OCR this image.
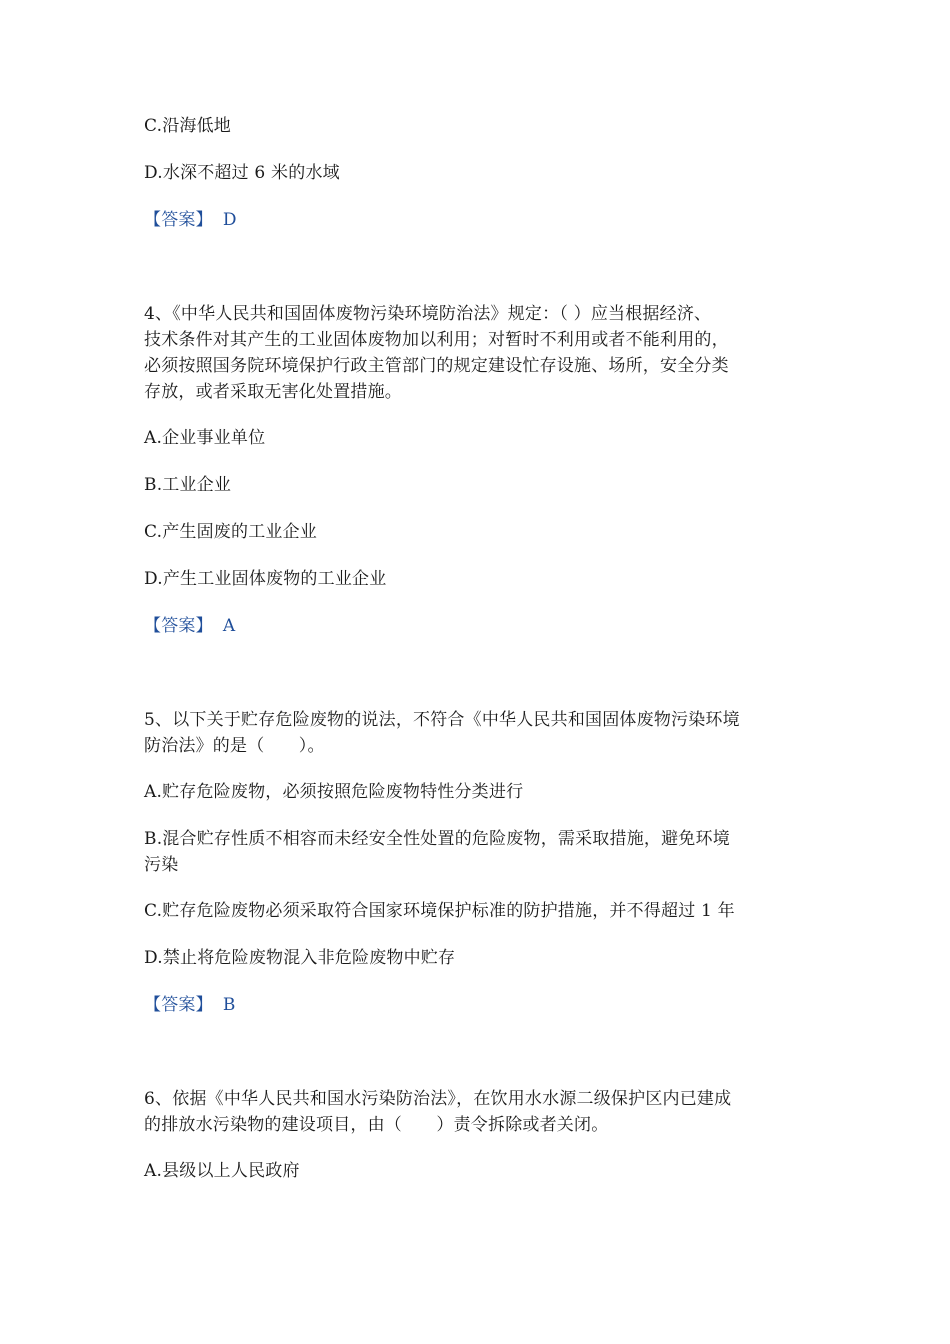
C.沿海低地
D.水深不超过 6 米的水域
【答案】 D
4、《中华人民共和国固体废物污染环境防治法》规定：（ ）应当根据经济、
技术条件对其产生的工业固体废物加以利用；对暂时不利用或者不能利用的，
必须按照国务院环境保护行政主管部门的规定建设忙存设施、场所，安全分类
存放，或者采取无害化处置措施。
A.企业事业单位
B.工业企业
C.产生固废的工业企业
D.产生工业固体废物的工业企业
【答案】 A
5、以下关于贮存危险废物的说法，不符合《中华人民共和国固体废物污染环境
防治法》的是（　　）。
A.贮存危险废物，必须按照危险废物特性分类进行
B.混合贮存性质不相容而未经安全性处置的危险废物，需采取措施，避免环境
污染
C.贮存危险废物必须采取符合国家环境保护标准的防护措施，并不得超过 1 年
D.禁止将危险废物混入非危险废物中贮存
【答案】 B
6、依据《中华人民共和国水污染防治法》，在饮用水水源二级保护区内已建成
的排放水污染物的建设项目，由（　　）责令拆除或者关闭。
A.县级以上人民政府
